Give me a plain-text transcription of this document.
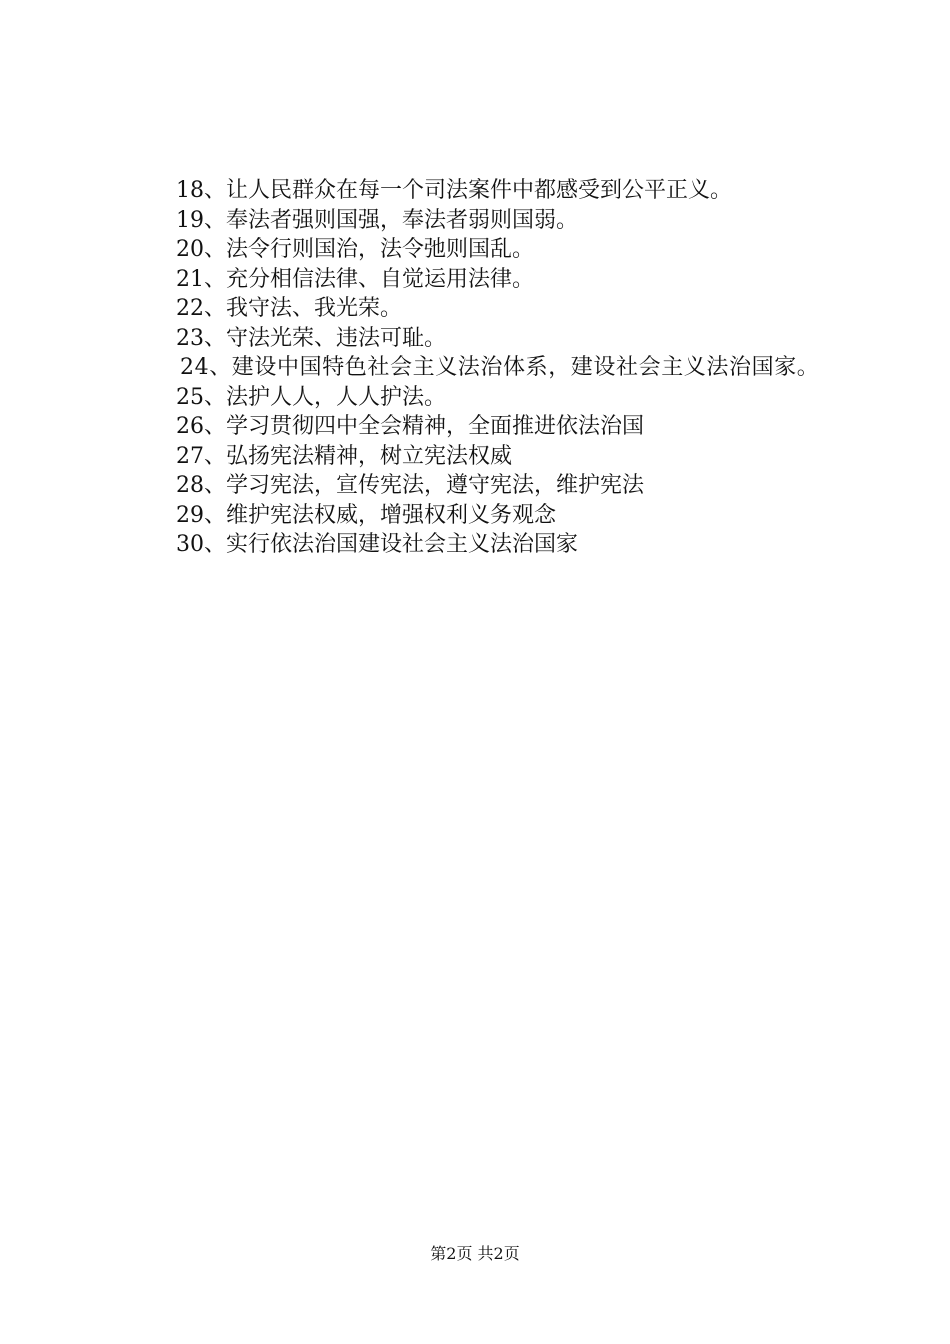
18、让人民群众在每一个司法案件中都感受到公平正义。
19、奉法者强则国强，奉法者弱则国弱。
20、法令行则国治，法令弛则国乱。
21、充分相信法律、自觉运用法律。
22、我守法、我光荣。
23、守法光荣、违法可耻。
24、建设中国特色社会主义法治体系，建设社会主义法治国家。
25、法护人人，人人护法。
26、学习贯彻四中全会精神，全面推进依法治国
27、弘扬宪法精神，树立宪法权威
28、学习宪法，宣传宪法，遵守宪法，维护宪法
29、维护宪法权威，增强权利义务观念
30、实行依法治国建设社会主义法治国家
第2页 共2页
